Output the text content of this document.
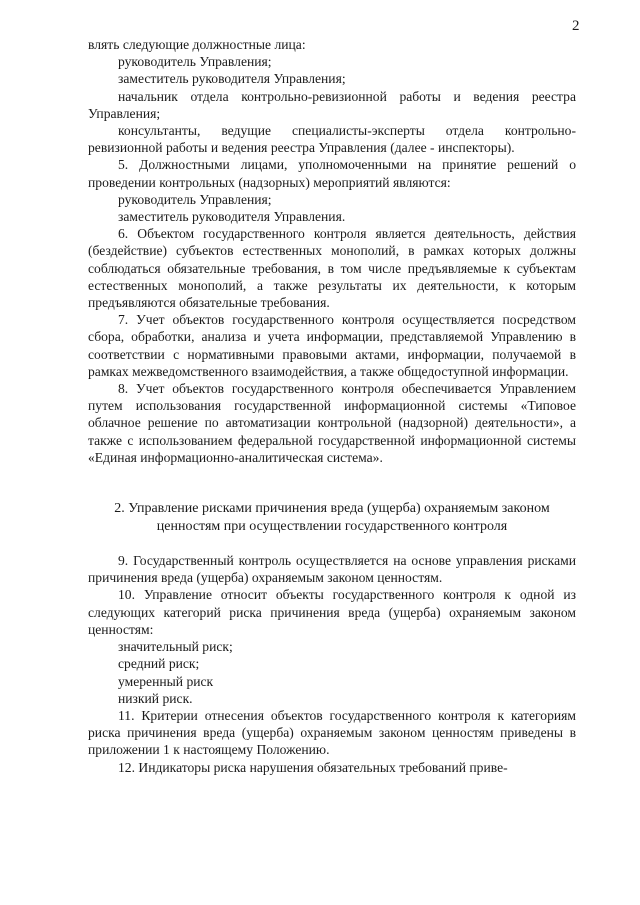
2

влять следующие должностные лица:

руководитель Управления;

заместитель руководителя Управления;

начальник отдела контрольно-ревизионной работы и ведения реестра Управления;

консультанты, ведущие специалисты-эксперты отдела контрольно-ревизионной работы и ведения реестра Управления (далее - инспекторы).

5. Должностными лицами, уполномоченными на принятие решений о проведении контрольных (надзорных) мероприятий являются:

руководитель Управления;

заместитель руководителя Управления.

6. Объектом государственного контроля является деятельность, действия (бездействие) субъектов естественных монополий, в рамках которых должны соблюдаться обязательные требования, в том числе предъявляемые к субъектам естественных монополий, а также результаты их деятельности, к которым предъявляются обязательные требования.

7. Учет объектов государственного контроля осуществляется посредством сбора, обработки, анализа и учета информации, представляемой Управлению в соответствии с нормативными правовыми актами, информации, получаемой в рамках межведомственного взаимодействия, а также общедоступной информации.

8. Учет объектов государственного контроля обеспечивается Управлением путем использования государственной информационной системы «Типовое облачное решение по автоматизации контрольной (надзорной) деятельности», а также с использованием федеральной государственной информационной системы «Единая информационно-аналитическая система».

2. Управление рисками причинения вреда (ущерба) охраняемым законом

ценностям при осуществлении государственного контроля

9. Государственный контроль осуществляется на основе управления рисками причинения вреда (ущерба) охраняемым законом ценностям.

10. Управление относит объекты государственного контроля к одной из следующих категорий риска причинения вреда (ущерба) охраняемым законом ценностям:

значительный риск;

средний риск;

умеренный риск

низкий риск.

11. Критерии отнесения объектов государственного контроля к категориям риска причинения вреда (ущерба) охраняемым законом ценностям приведены в приложении 1 к настоящему Положению.

12. Индикаторы риска нарушения обязательных требований приве-
